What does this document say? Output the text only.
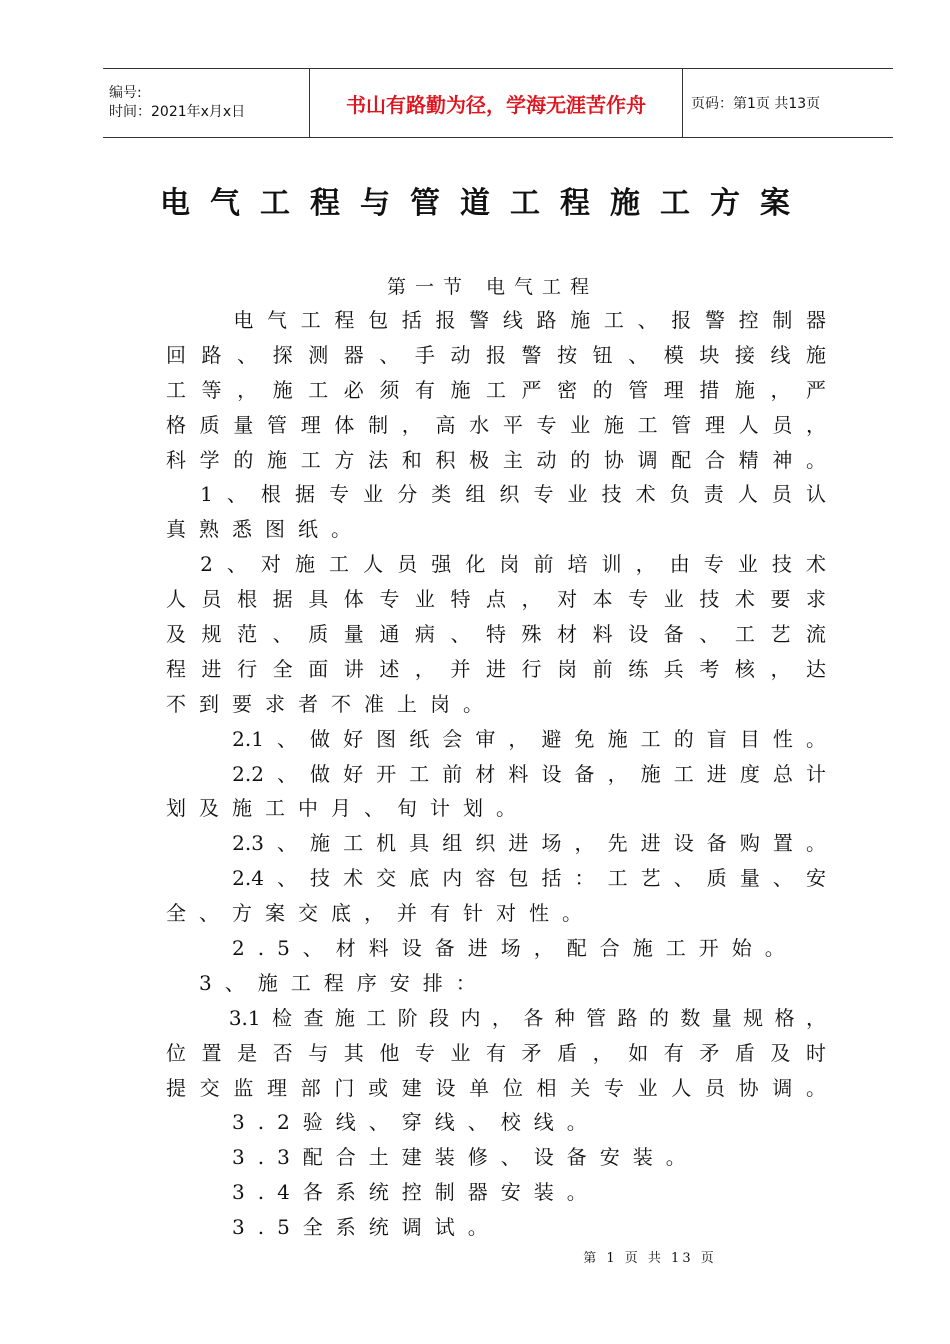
编号:
时间：2021年x月x日	书山有路勤为径，学海无涯苦作舟	页码：第1页 共13页
电气工程与管道工程施工方案
第一节 电气工程
　　电气工程包括报警线路施工、报警控制器
回路、探测器、手动报警按钮、模块接线施
工等，施工必须有施工严密的管理措施，严
格质量管理体制，高水平专业施工管理人员，
科学的施工方法和积极主动的协调配合精神。
　1、根据专业分类组织专业技术负责人员认
真熟悉图纸。
　2、对施工人员强化岗前培训，由专业技术
人员根据具体专业特点，对本专业技术要求
及规范、质量通病、特殊材料设备、工艺流
程进行全面讲述，并进行岗前练兵考核，达
不到要求者不准上岗。
　　2.1、做好图纸会审，避免施工的盲目性。
　　2.2、做好开工前材料设备，施工进度总计
划及施工中月、旬计划。
　　2.3、施工机具组织进场，先进设备购置。
　　2.4、技术交底内容包括：工艺、质量、安
全、方案交底，并有针对性。
　　2.5、材料设备进场，配合施工开始。
　3、施工程序安排：
　　3.1检查施工阶段内，各种管路的数量规格，
位置是否与其他专业有矛盾，如有矛盾及时
提交监理部门或建设单位相关专业人员协调。
　　3.2验线、穿线、校线。
　　3.3配合土建装修、设备安装。
　　3.4各系统控制器安装。
　　3.5全系统调试。
第 1 页 共 13 页
